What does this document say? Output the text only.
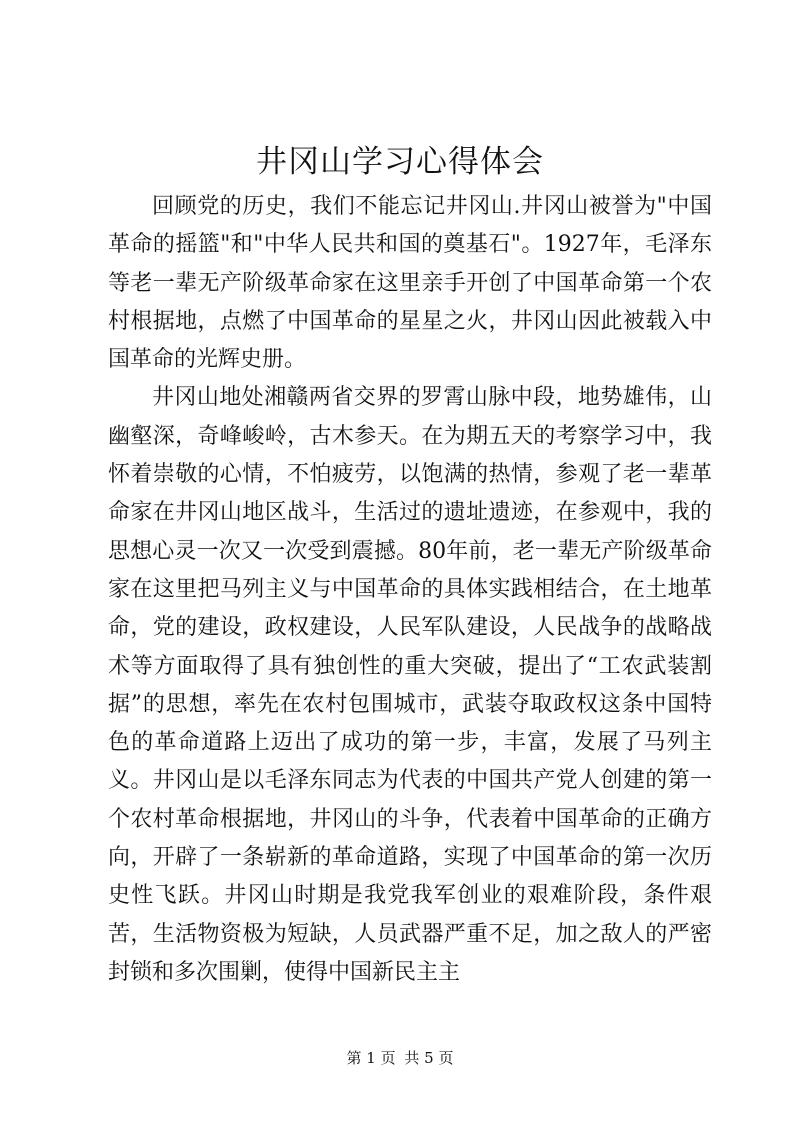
井冈山学习心得体会

回顾党的历史，我们不能忘记井冈山.井冈山被誉为"中国革命的摇篮"和"中华人民共和国的奠基石"。1927年，毛泽东等老一辈无产阶级革命家在这里亲手开创了中国革命第一个农村根据地，点燃了中国革命的星星之火，井冈山因此被载入中国革命的光辉史册。

井冈山地处湘赣两省交界的罗霄山脉中段，地势雄伟，山幽壑深，奇峰峻岭，古木参天。在为期五天的考察学习中，我怀着崇敬的心情，不怕疲劳，以饱满的热情，参观了老一辈革命家在井冈山地区战斗，生活过的遗址遗迹，在参观中，我的思想心灵一次又一次受到震撼。80年前，老一辈无产阶级革命家在这里把马列主义与中国革命的具体实践相结合，在土地革命，党的建设，政权建设，人民军队建设，人民战争的战略战术等方面取得了具有独创性的重大突破，提出了“工农武装割据”的思想，率先在农村包围城市，武装夺取政权这条中国特色的革命道路上迈出了成功的第一步，丰富，发展了马列主义。井冈山是以毛泽东同志为代表的中国共产党人创建的第一个农村革命根据地，井冈山的斗争，代表着中国革命的正确方向，开辟了一条崭新的革命道路，实现了中国革命的第一次历史性飞跃。井冈山时期是我党我军创业的艰难阶段，条件艰苦，生活物资极为短缺，人员武器严重不足，加之敌人的严密封锁和多次围剿，使得中国新民主主

第 1 页 共 5 页
